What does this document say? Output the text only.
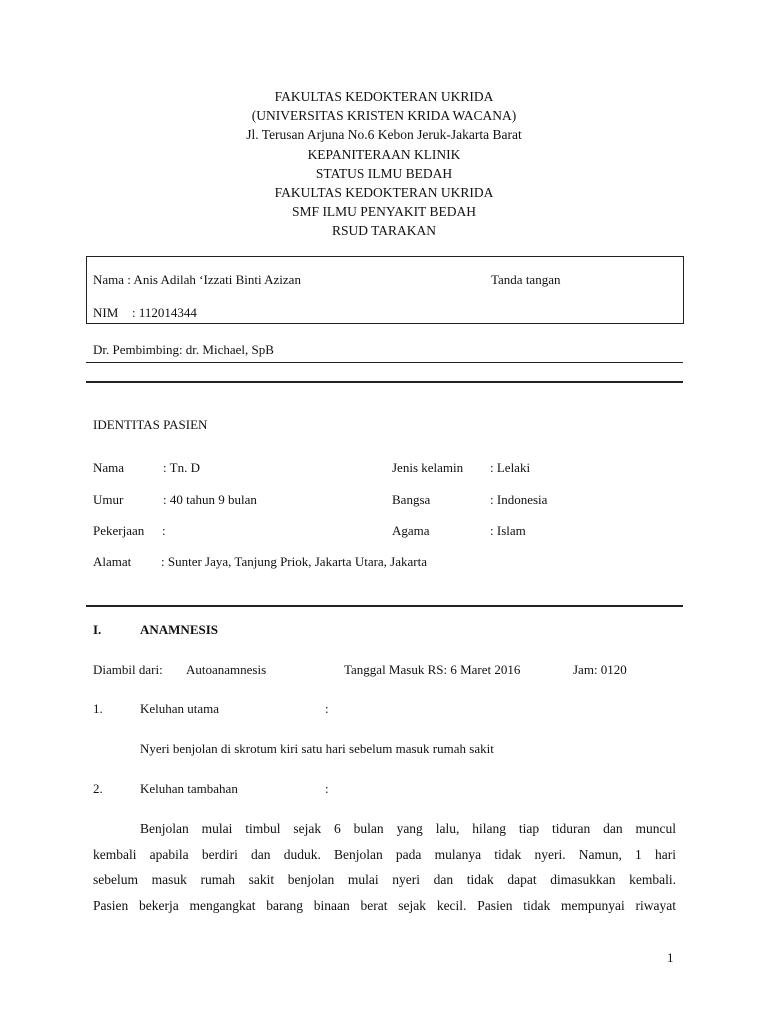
FAKULTAS KEDOKTERAN UKRIDA
(UNIVERSITAS KRISTEN KRIDA WACANA)
Jl. Terusan Arjuna No.6 Kebon Jeruk-Jakarta Barat
KEPANITERAAN KLINIK
STATUS ILMU BEDAH
FAKULTAS KEDOKTERAN UKRIDA
SMF ILMU PENYAKIT BEDAH
RSUD TARAKAN
Nama : Anis Adilah ‘Izzati Binti Azizan	Tanda tangan
NIM : 112014344
Dr. Pembimbing: dr. Michael, SpB
IDENTITAS PASIEN
Nama	: Tn. D	Jenis kelamin : Lelaki
Umur	: 40 tahun 9 bulan	Bangsa	: Indonesia
Pekerjaan :	Agama	: Islam
Alamat : Sunter Jaya, Tanjung Priok, Jakarta Utara, Jakarta
I.	ANAMNESIS
Diambil dari: Autoanamnesis	Tanggal Masuk RS: 6 Maret 2016	Jam: 0120
1.	Keluhan utama	:
Nyeri benjolan di skrotum kiri satu hari sebelum masuk rumah sakit
2.	Keluhan tambahan	:
Benjolan mulai timbul sejak 6 bulan yang lalu, hilang tiap tiduran dan muncul
kembali apabila berdiri dan duduk. Benjolan pada mulanya tidak nyeri. Namun, 1 hari
sebelum masuk rumah sakit benjolan mulai nyeri dan tidak dapat dimasukkan kembali.
Pasien bekerja mengangkat barang binaan berat sejak kecil. Pasien tidak mempunyai riwayat
1
